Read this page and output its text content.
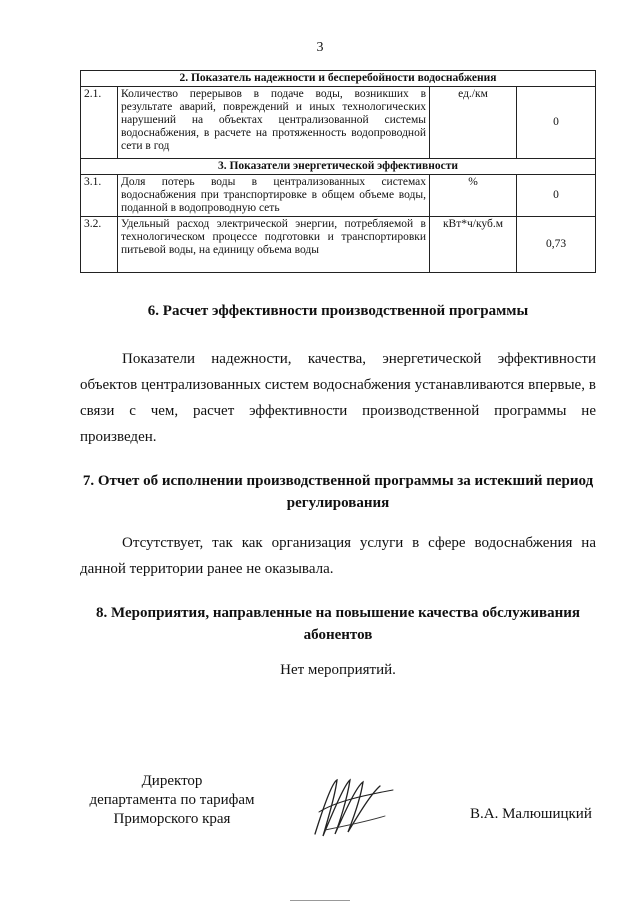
3
2. Показатель надежности и бесперебойности водоснабжения			
2.1.	Количество перерывов в подаче воды, возникших в результате аварий, повреждений и иных технологических нарушений на объектах централизованной системы водоснабжения, в расчете на протяженность водопроводной сети в год	ед./км	0
3. Показатели энергетической эффективности			
3.1.	Доля потерь воды в централизованных системах водоснабжения при транспортировке в общем объеме воды, поданной в водопроводную сеть	%	0
3.2.	Удельный расход электрической энергии, потребляемой в технологическом процессе подготовки и транспортировки питьевой воды, на единицу объема воды	кВт*ч/куб.м	0,73
6. Расчет эффективности производственной программы
Показатели надежности, качества, энергетической эффективности объектов централизованных систем водоснабжения устанавливаются впервые, в связи с чем, расчет эффективности производственной программы не произведен.
7. Отчет об исполнении производственной программы за истекший период регулирования
Отсутствует, так как организация услуги в сфере водоснабжения на данной территории ранее не оказывала.
8. Мероприятия, направленные на повышение качества обслуживания абонентов
Нет мероприятий.
Директор
департамента по тарифам
Приморского края	В.А. Малюшицкий
